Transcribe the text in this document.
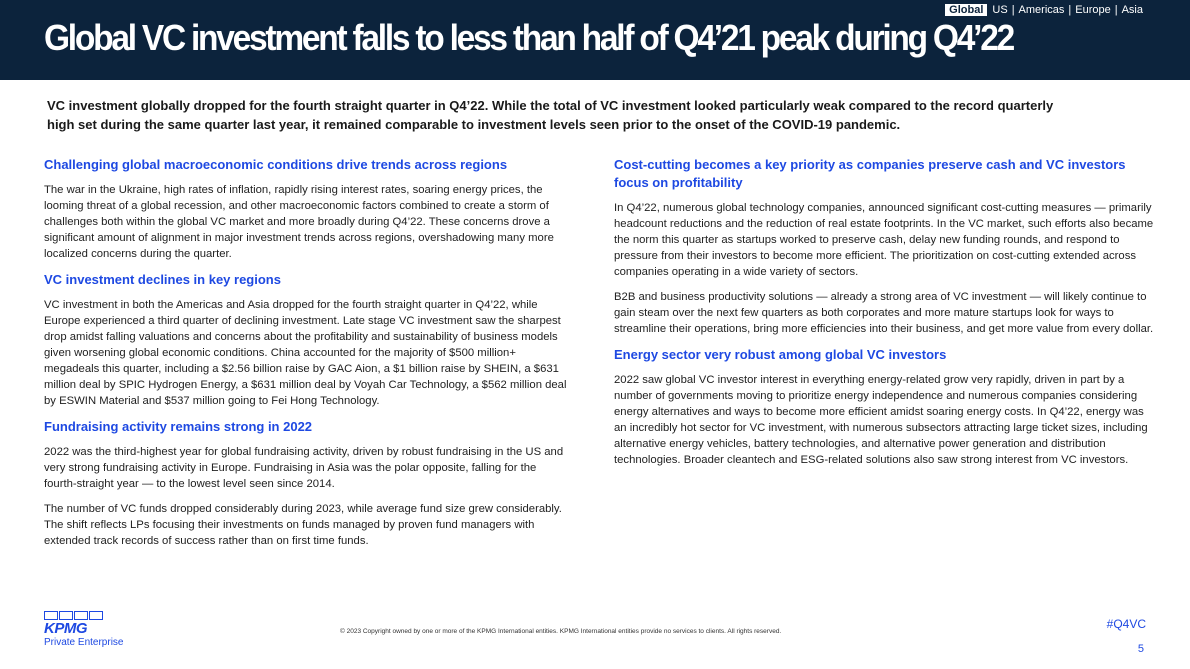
Global VC investment falls to less than half of Q4’21 peak during Q4’22
Global US | Americas | Europe | Asia

VC investment globally dropped for the fourth straight quarter in Q4’22. While the total of VC investment looked particularly weak compared to the record quarterly high set during the same quarter last year, it remained comparable to investment levels seen prior to the onset of the COVID-19 pandemic.

Challenging global macroeconomic conditions drive trends across regions

The war in the Ukraine, high rates of inflation, rapidly rising interest rates, soaring energy prices, the looming threat of a global recession, and other macroeconomic factors combined to create a storm of challenges both within the global VC market and more broadly during Q4’22. These concerns drove a significant amount of alignment in major investment trends across regions, overshadowing many more localized concerns during the quarter.

VC investment declines in key regions

VC investment in both the Americas and Asia dropped for the fourth straight quarter in Q4’22, while Europe experienced a third quarter of declining investment. Late stage VC investment saw the sharpest drop amidst falling valuations and concerns about the profitability and sustainability of business models given worsening global economic conditions. China accounted for the majority of $500 million+ megadeals this quarter, including a $2.56 billion raise by GAC Aion, a $1 billion raise by SHEIN, a $631 million deal by SPIC Hydrogen Energy, a $631 million deal by Voyah Car Technology, a $562 million deal by ESWIN Material and $537 million going to Fei Hong Technology.

Fundraising activity remains strong in 2022

2022 was the third-highest year for global fundraising activity, driven by robust fundraising in the US and very strong fundraising activity in Europe. Fundraising in Asia was the polar opposite, falling for the fourth-straight year — to the lowest level seen since 2014.

The number of VC funds dropped considerably during 2023, while average fund size grew considerably. The shift reflects LPs focusing their investments on funds managed by proven fund managers with extended track records of success rather than on first time funds.

Cost-cutting becomes a key priority as companies preserve cash and VC investors focus on profitability

In Q4’22, numerous global technology companies, announced significant cost-cutting measures — primarily headcount reductions and the reduction of real estate footprints. In the VC market, such efforts also became the norm this quarter as startups worked to preserve cash, delay new funding rounds, and respond to pressure from their investors to become more efficient. The prioritization on cost-cutting extended across companies operating in a wide variety of sectors.

B2B and business productivity solutions — already a strong area of VC investment — will likely continue to gain steam over the next few quarters as both corporates and more mature startups look for ways to streamline their operations, bring more efficiencies into their business, and get more value from every dollar.

Energy sector very robust among global VC investors

2022 saw global VC investor interest in everything energy-related grow very rapidly, driven in part by a number of governments moving to prioritize energy independence and numerous companies considering energy alternatives and ways to become more efficient amidst soaring energy costs. In Q4’22, energy was an incredibly hot sector for VC investment, with numerous subsectors attracting large ticket sizes, including alternative energy vehicles, battery technologies, and alternative power generation and distribution technologies. Broader cleantech and ESG-related solutions also saw strong interest from VC investors.

KPMG
Private Enterprise
© 2023 Copyright owned by one or more of the KPMG International entities. KPMG International entities provide no services to clients. All rights reserved.
#Q4VC
5
